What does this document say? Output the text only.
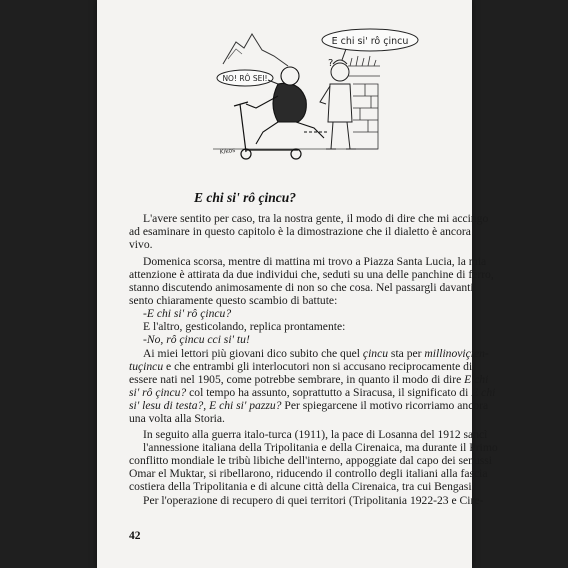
E chi si' rô çincu
?
NO! RÔ SEI!
Kikos
E chi si' rô çincu?
L'avere sentito per caso, tra la nostra gente, il modo di dire che mi accingo
ad esaminare in questo capitolo è la dimostrazione che il dialetto è ancora
vivo.
Domenica scorsa, mentre di mattina mi trovo a Piazza Santa Lucia, la mia
attenzione è attirata da due individui che, seduti su una delle panchine di ferro,
stanno discutendo animosamente di non so che cosa. Nel passargli davanti
sento chiaramente questo scambio di battute:
-E chi si' rô çincu?
E l'altro, gesticolando, replica prontamente:
-No, rô çincu cci si' tu!
Ai miei lettori più giovani dico subito che quel çincu sta per millinoviçien-
tuçincu e che entrambi gli interlocutori non si accusano reciprocamente di
essere nati nel 1905, come potrebbe sembrare, in quanto il modo di dire E chi
si' rô çincu? col tempo ha assunto, soprattutto a Siracusa, il significato di E chi
si' lesu di testa?, E chi si' pazzu? Per spiegarcene il motivo ricorriamo ancora
una volta alla Storia.
In seguito alla guerra italo-turca (1911), la pace di Losanna del 1912 sancì
l'annessione italiana della Tripolitania e della Cirenaica, ma durante il Primo
conflitto mondiale le tribù libiche dell'interno, appoggiate dal capo dei senussi
Omar el Muktar, si ribellarono, riducendo il controllo degli italiani alla fascia
costiera della Tripolitania e di alcune città della Cirenaica, tra cui Bengasi.
Per l'operazione di recupero di quei territori (Tripolitania 1922-23 e Cire-
42
